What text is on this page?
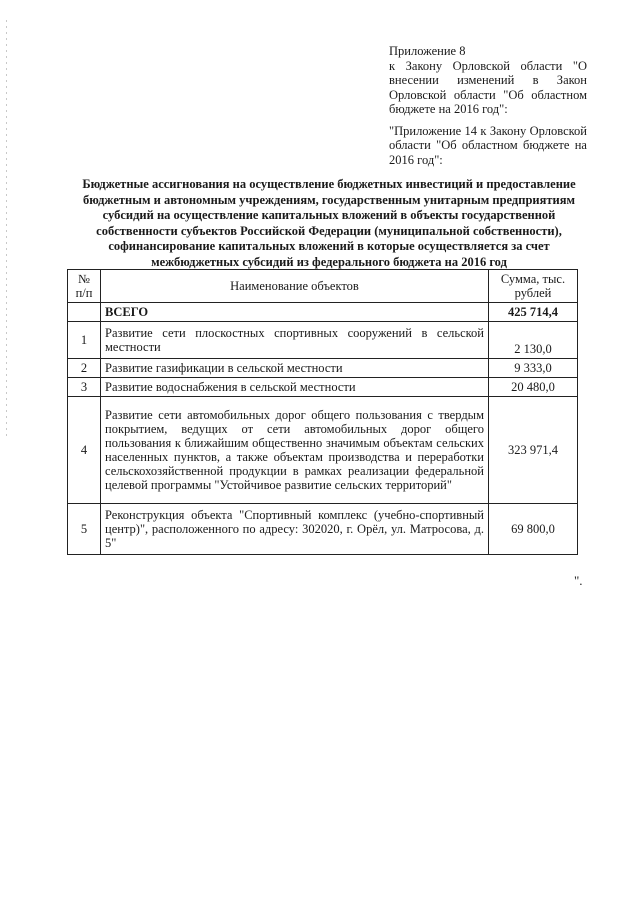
Приложение 8

к Закону Орловской области "О внесении изменений в Закон Орловской области "Об областном бюджете на 2016 год":

"Приложение 14 к Закону Орловской области "Об областном бюджете на 2016 год":

Бюджетные ассигнования на осуществление бюджетных инвестиций и предоставление бюджетным и автономным учреждениям, государственным унитарным предприятиям субсидий на осуществление капитальных вложений в объекты государственной собственности субъектов Российской Федерации (муниципальной собственности), софинансирование капитальных вложений в которые осуществляется за счет межбюджетных субсидий из федерального бюджета на 2016 год

№ п/п	Наименование объектов	Сумма, тыс. рублей
	ВСЕГО	425 714,4
1	Развитие сети плоскостных спортивных сооружений в сельской местности	2 130,0
2	Развитие газификации в сельской местности	9 333,0
3	Развитие водоснабжения в сельской местности	20 480,0
4	Развитие сети автомобильных дорог общего пользования с твердым покрытием, ведущих от сети автомобильных дорог общего пользования к ближайшим общественно значимым объектам сельских населенных пунктов, а также объектам производства и переработки сельскохозяйственной продукции в рамках реализации федеральной целевой программы "Устойчивое развитие сельских территорий"	323 971,4
5	Реконструкция объекта "Спортивный комплекс (учебно-спортивный центр)", расположенного по адресу: 302020, г. Орёл, ул. Матросова, д. 5"	69 800,0
".
